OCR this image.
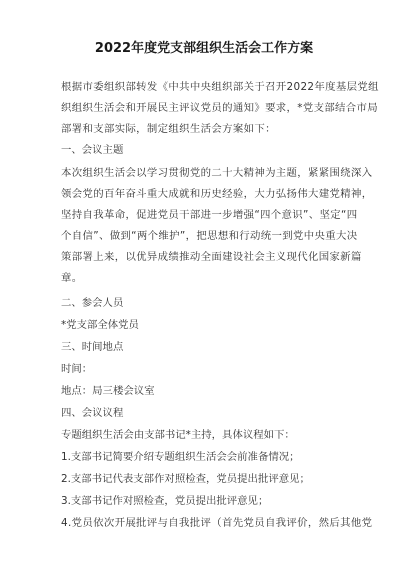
2022年度党支部组织生活会工作方案
根据市委组织部转发《中共中央组织部关于召开2022年度基层党组
织组织生活会和开展民主评议党员的通知》要求，*党支部结合市局
部署和支部实际，制定组织生活会方案如下：
一、会议主题
本次组织生活会以学习贯彻党的二十大精神为主题，紧紧围绕深入
领会党的百年奋斗重大成就和历史经验，大力弘扬伟大建党精神，
坚持自我革命，促进党员干部进一步增强“四个意识”、坚定“四
个自信”、做到“两个维护”，把思想和行动统一到党中央重大决
策部署上来，以优异成绩推动全面建设社会主义现代化国家新篇
章。
二、参会人员
*党支部全体党员
三、时间地点
时间：
地点：局三楼会议室
四、会议议程
专题组织生活会由支部书记*主持，具体议程如下：
1.支部书记简要介绍专题组织生活会会前准备情况；
2.支部书记代表支部作对照检查，党员提出批评意见；
3.支部书记作对照检查，党员提出批评意见；
4.党员依次开展批评与自我批评（首先党员自我评价，然后其他党
